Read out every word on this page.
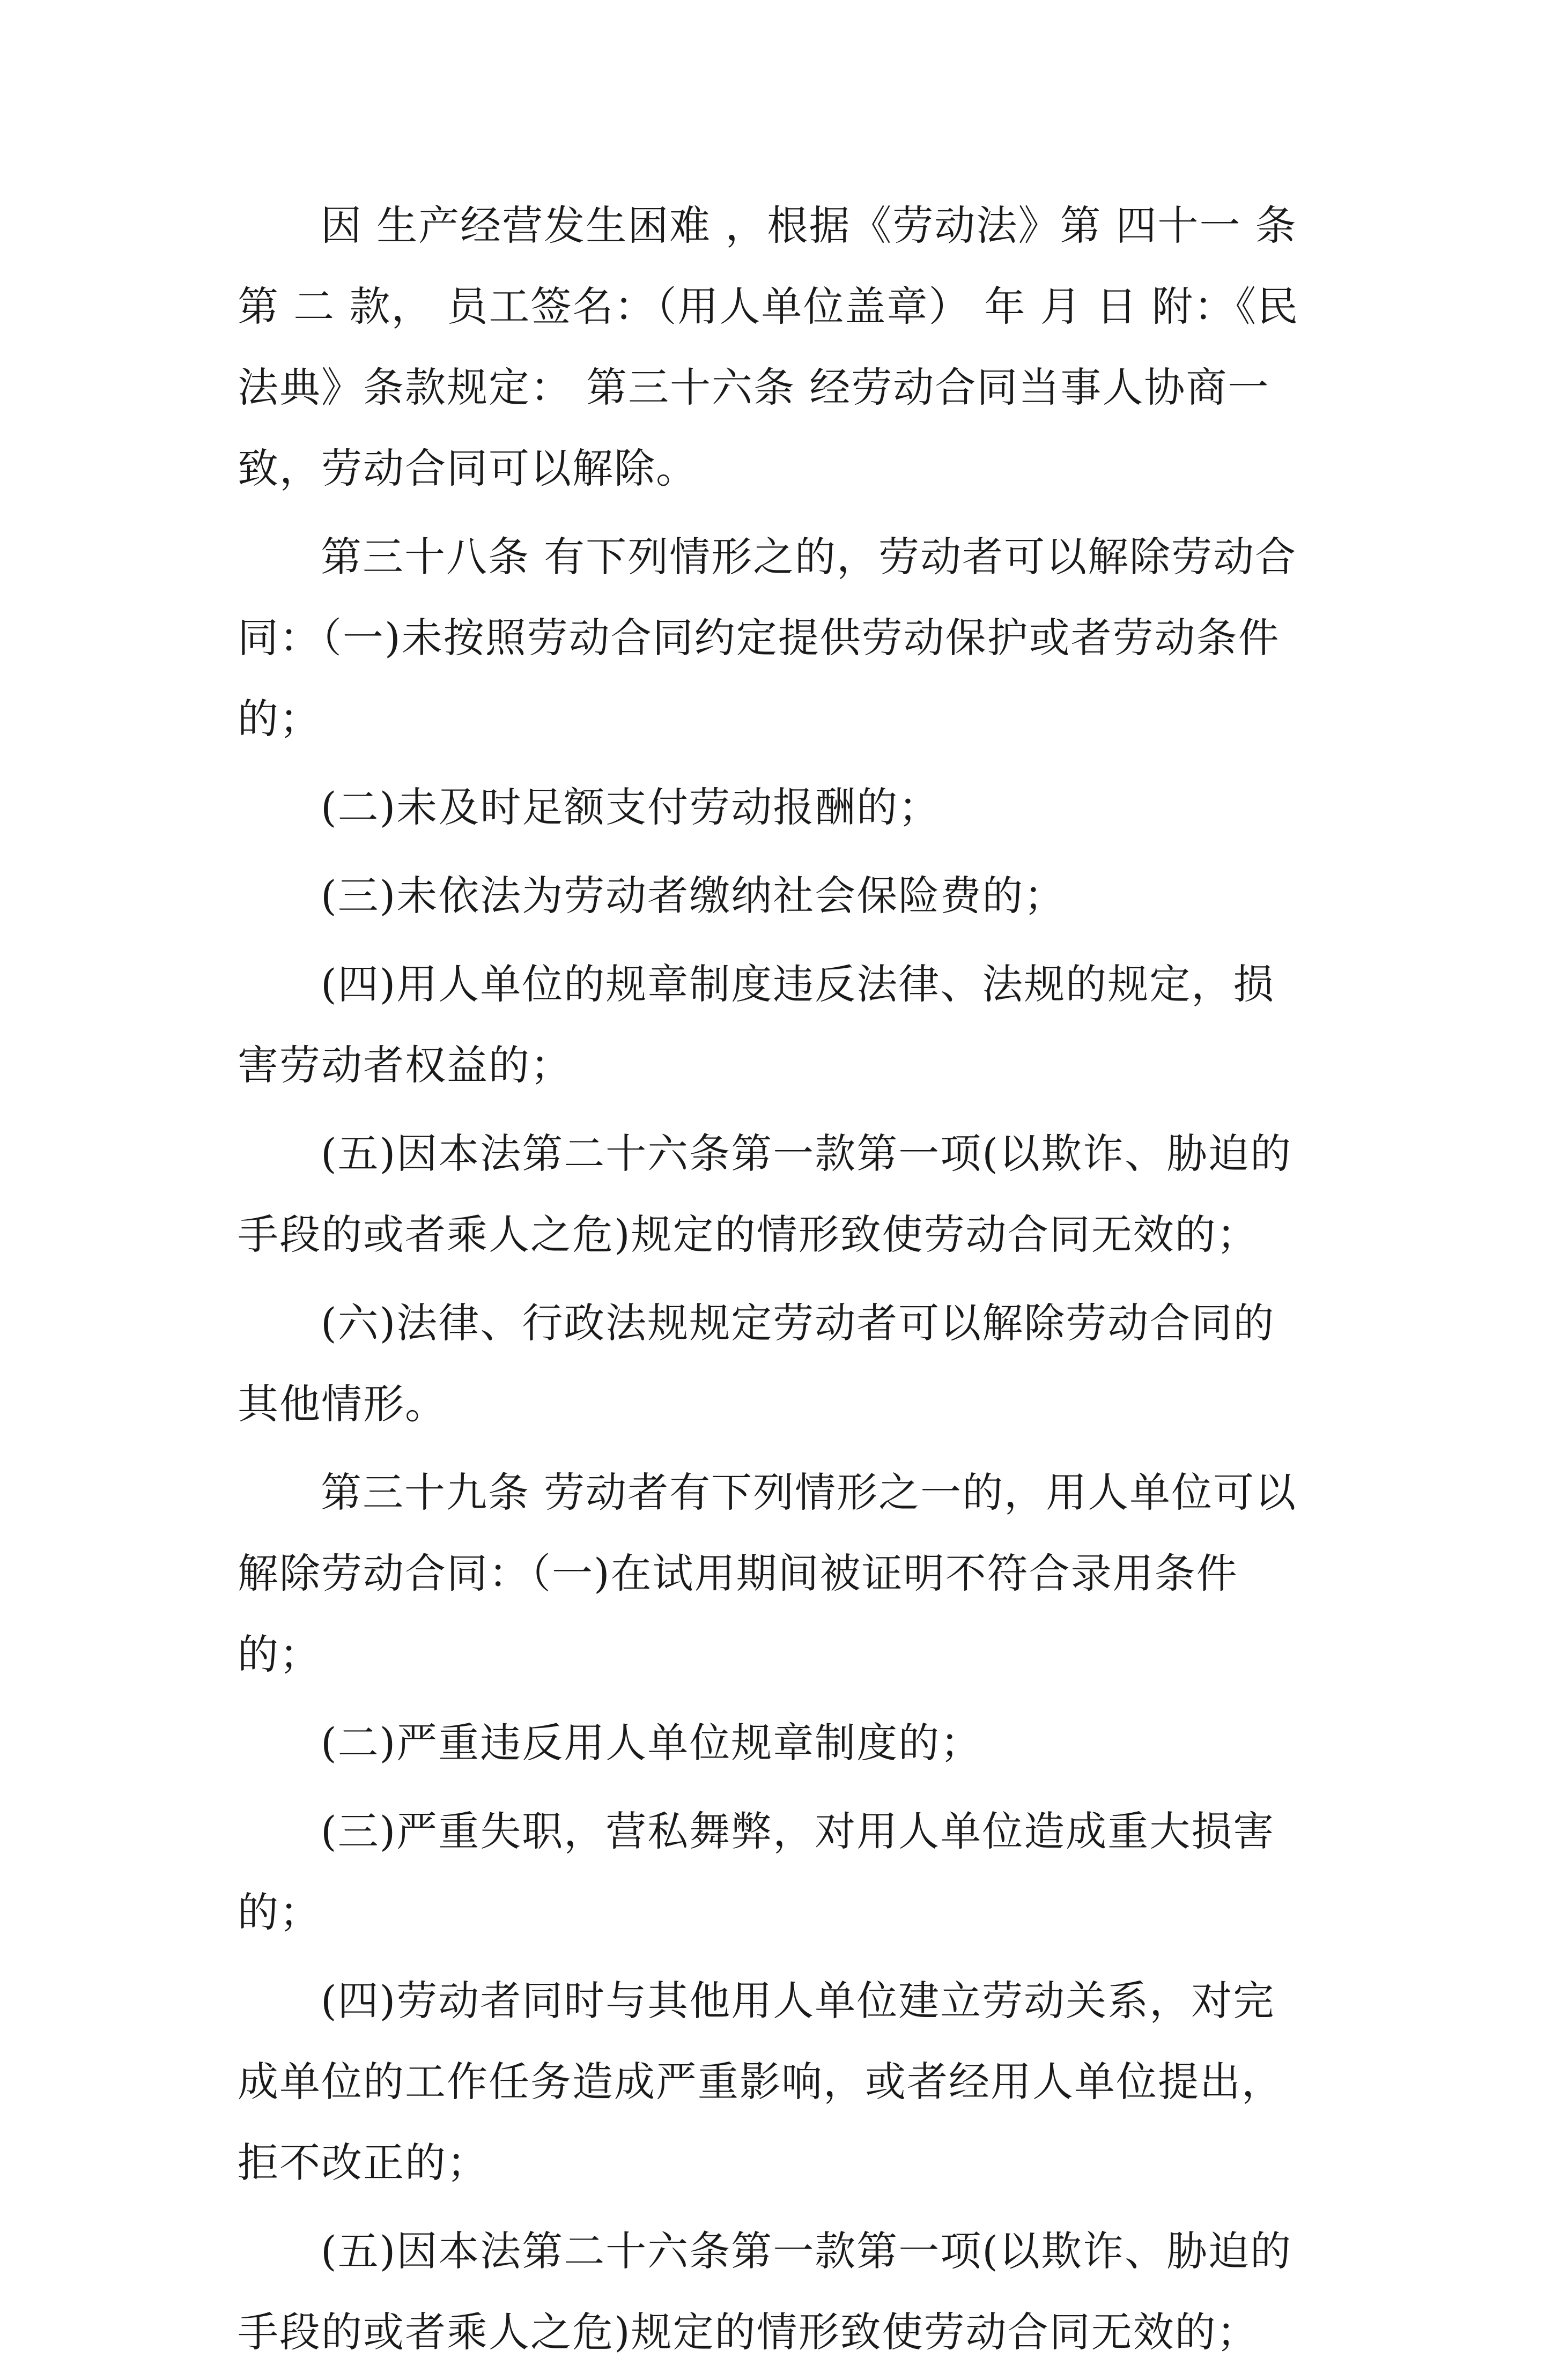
因 生产经营发生困难 ，根据《劳动法》第 四十一 条 第 二 款， 员工签名：（用人单位盖章） 年 月 日 附：《民法典》条款规定： 第三十六条 经劳动合同当事人协商一致，劳动合同可以解除。

第三十八条 有下列情形之的，劳动者可以解除劳动合同：（一)未按照劳动合同约定提供劳动保护或者劳动条件的；

(二)未及时足额支付劳动报酬的；

(三)未依法为劳动者缴纳社会保险费的；

(四)用人单位的规章制度违反法律、法规的规定，损害劳动者权益的；

(五)因本法第二十六条第一款第一项(以欺诈、胁迫的手段的或者乘人之危)规定的情形致使劳动合同无效的；

(六)法律、行政法规规定劳动者可以解除劳动合同的其他情形。

第三十九条 劳动者有下列情形之一的，用人单位可以解除劳动合同：（一)在试用期间被证明不符合录用条件的；

(二)严重违反用人单位规章制度的；

(三)严重失职，营私舞弊，对用人单位造成重大损害的；

(四)劳动者同时与其他用人单位建立劳动关系，对完成单位的工作任务造成严重影响，或者经用人单位提出，拒不改正的；

(五)因本法第二十六条第一款第一项(以欺诈、胁迫的手段的或者乘人之危)规定的情形致使劳动合同无效的；
